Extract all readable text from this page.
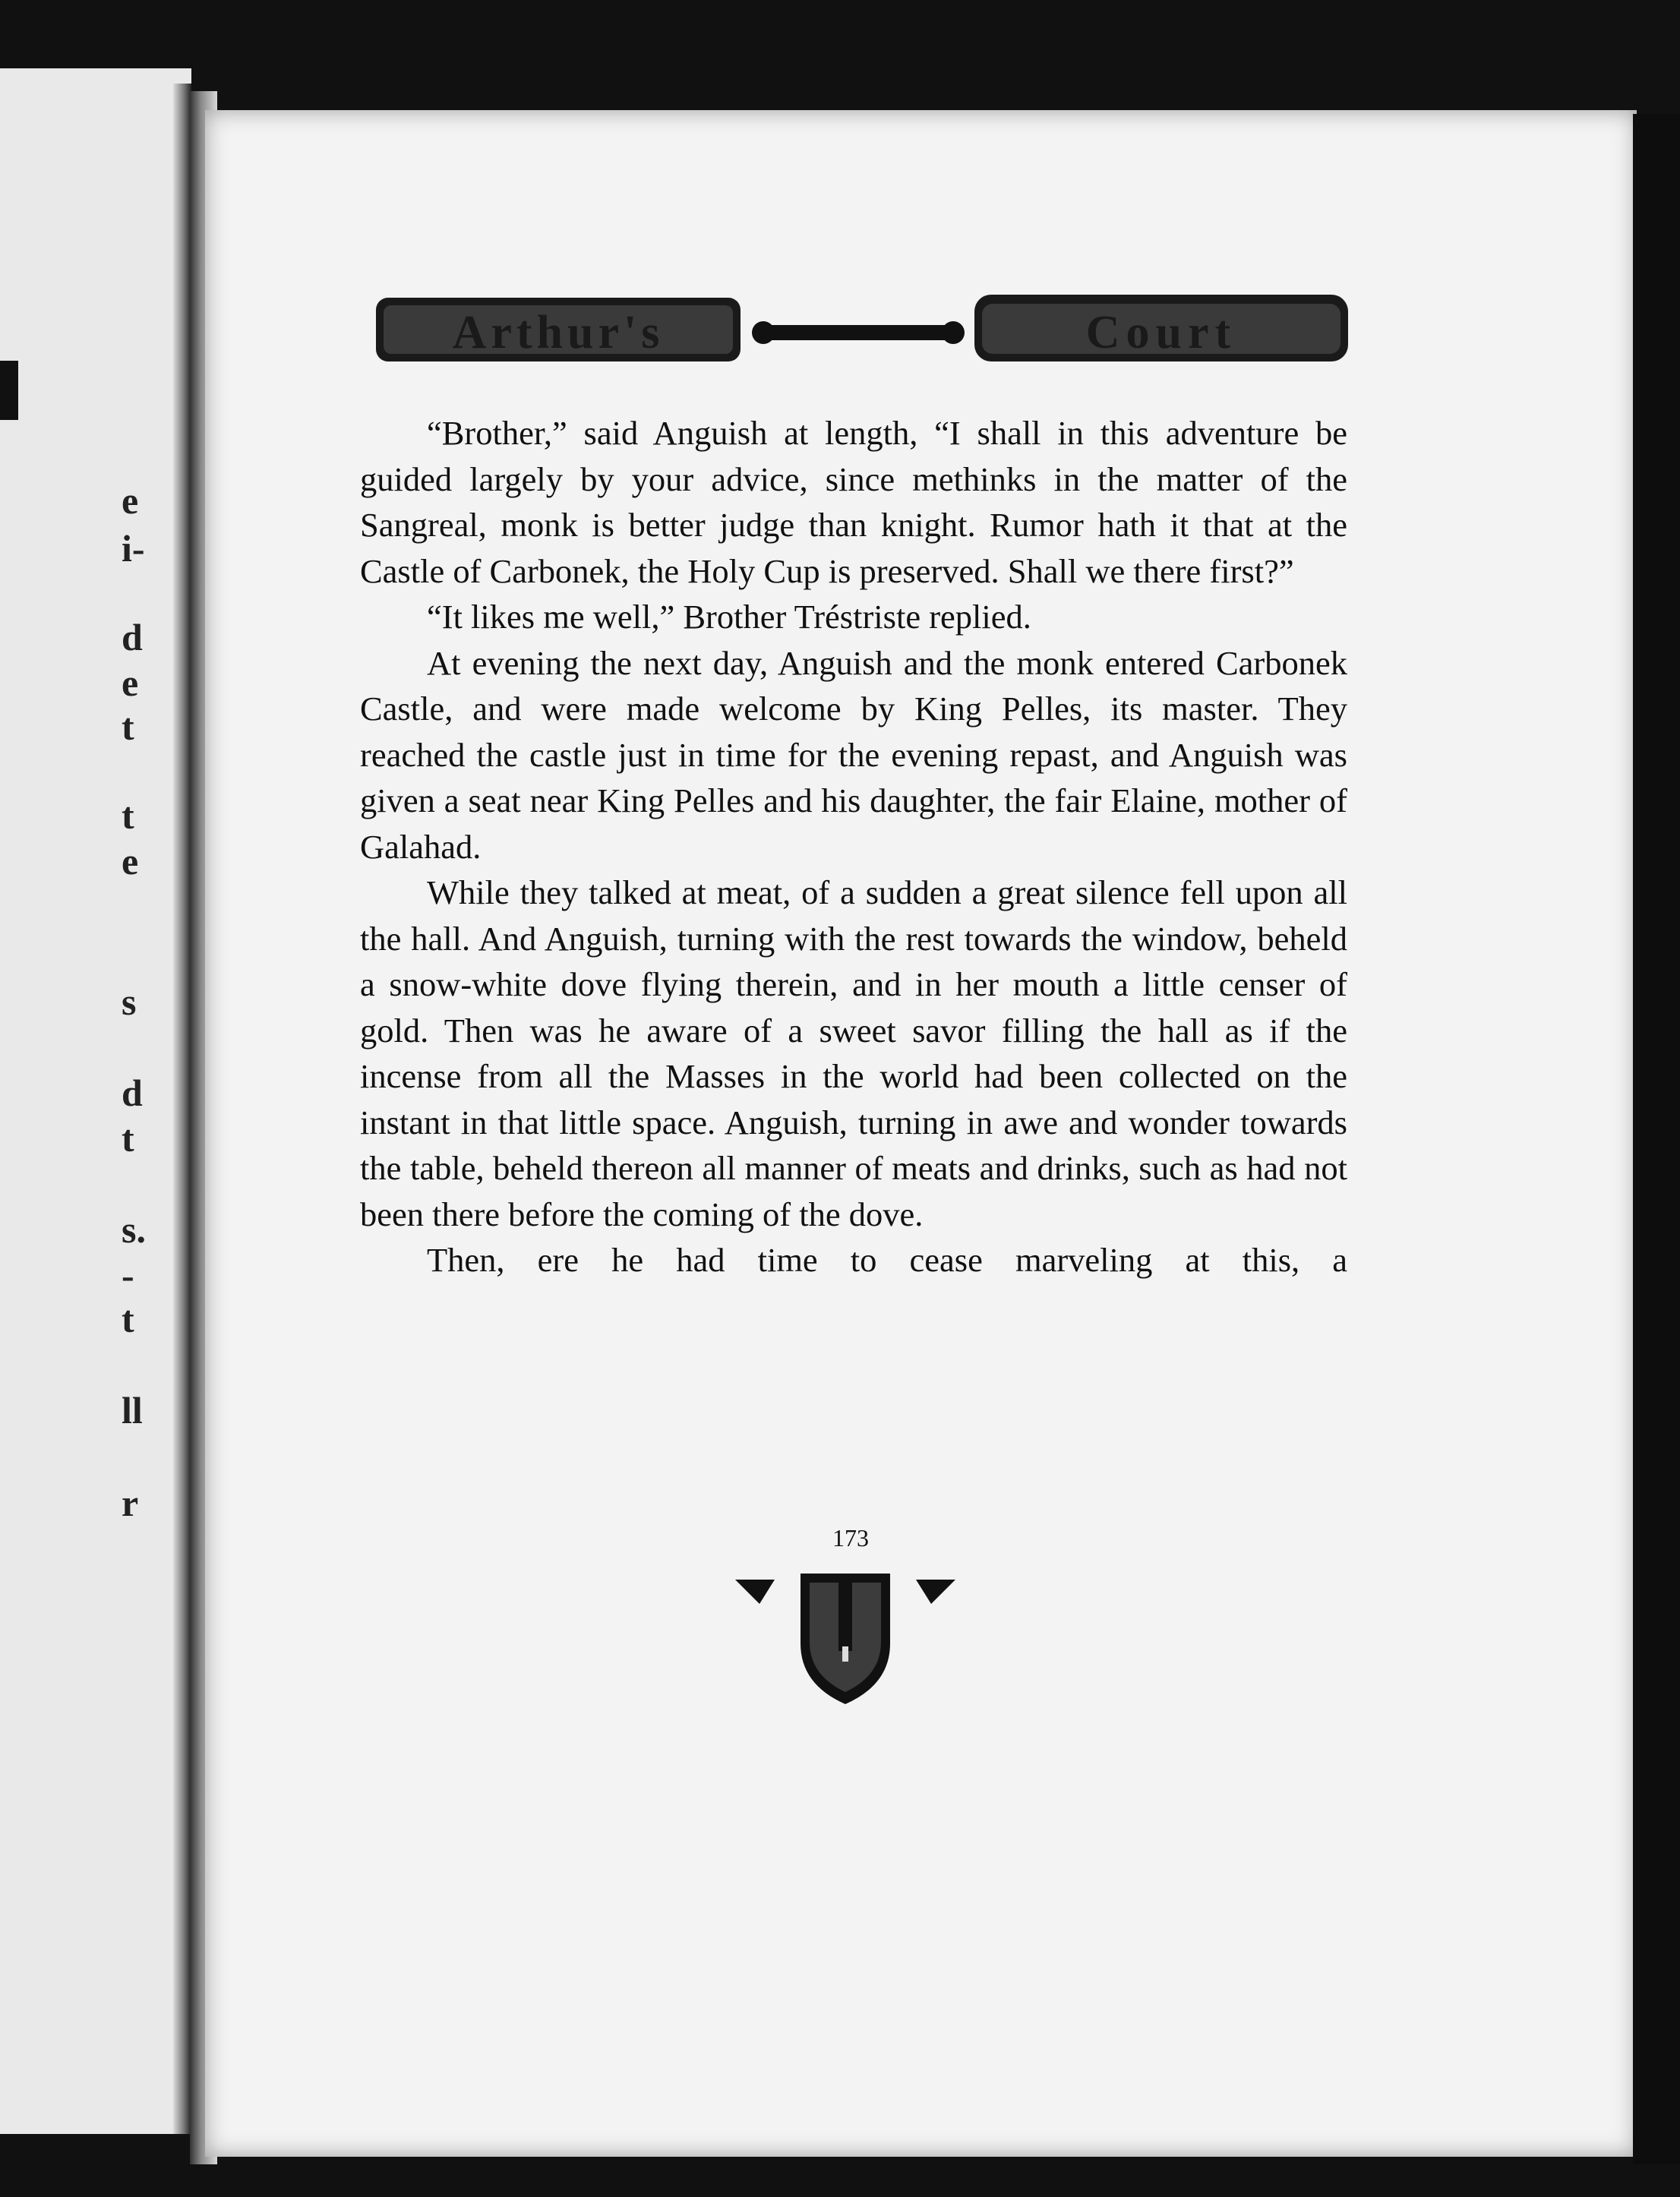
e
i-
d
e
t
t
e
s
d
t
s.
-
t
ll
r
Arthur's	Court

“Brother,” said Anguish at length, “I shall in this adventure be guided largely by your advice, since methinks in the matter of the Sangreal, monk is better judge than knight. Rumor hath it that at the Castle of Carbonek, the Holy Cup is preserved. Shall we there first?”

“It likes me well,” Brother Tréstriste replied.

At evening the next day, Anguish and the monk entered Carbonek Castle, and were made welcome by King Pelles, its master. They reached the castle just in time for the evening repast, and Anguish was given a seat near King Pelles and his daughter, the fair Elaine, mother of Galahad.

While they talked at meat, of a sudden a great silence fell upon all the hall. And Anguish, turning with the rest towards the window, beheld a snow-white dove flying therein, and in her mouth a little censer of gold. Then was he aware of a sweet savor filling the hall as if the incense from all the Masses in the world had been collected on the instant in that little space. Anguish, turning in awe and wonder towards the table, beheld thereon all manner of meats and drinks, such as had not been there before the coming of the dove.

Then, ere he had time to cease marveling at this, a

173
